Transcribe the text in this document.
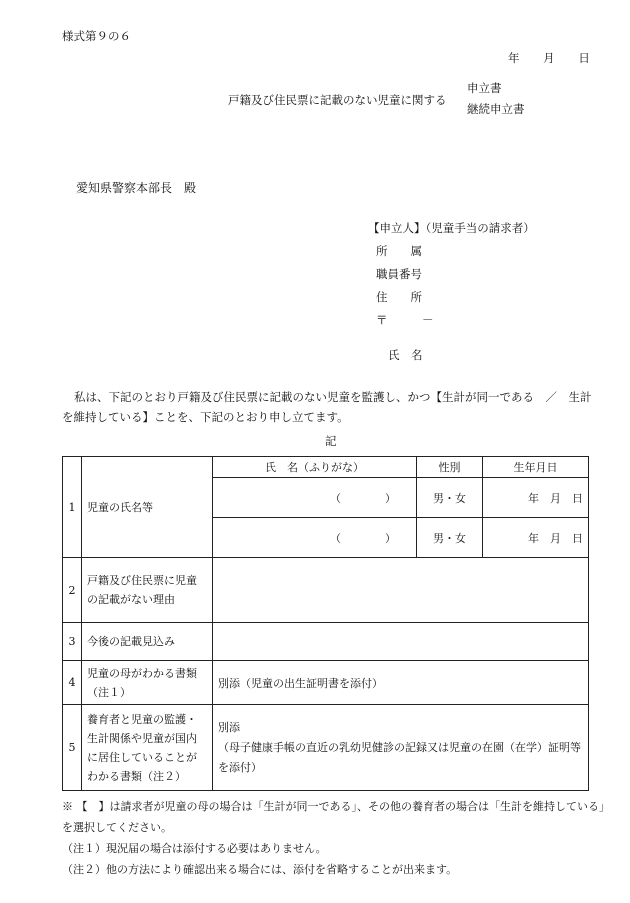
様式第９の６
年 月 日
戸籍及び住民票に記載のない児童に関する
申立書
継続申立書
愛知県警察本部長　殿
【申立人】（児童手当の請求者）
所　　属
職員番号
住　　所
〒　　　－
氏　名
私は、下記のとおり戸籍及び住民票に記載のない児童を監護し、かつ【生計が同一である　／　生計を維持している】ことを、下記のとおり申し立てます。
記
1	児童の氏名等	氏　名（ふりがな）	性別	生年月日
		（　　　　）	男・女	年　月　日
		（　　　　）	男・女	年　月　日
2	戸籍及び住民票に児童の記載がない理由			
3	今後の記載見込み			
4	児童の母がわかる書類（注１）	別添（児童の出生証明書を添付）		
5	養育者と児童の監護・生計関係や児童が国内に居住していることがわかる書類（注２）	別添
（母子健康手帳の直近の乳幼児健診の記録又は児童の在園（在学）証明等を添付）		
※ 【　】は請求者が児童の母の場合は「生計が同一である」、その他の養育者の場合は「生計を維持している」を選択してください。
（注１）現況届の場合は添付する必要はありません。
（注２）他の方法により確認出来る場合には、添付を省略することが出来ます。
